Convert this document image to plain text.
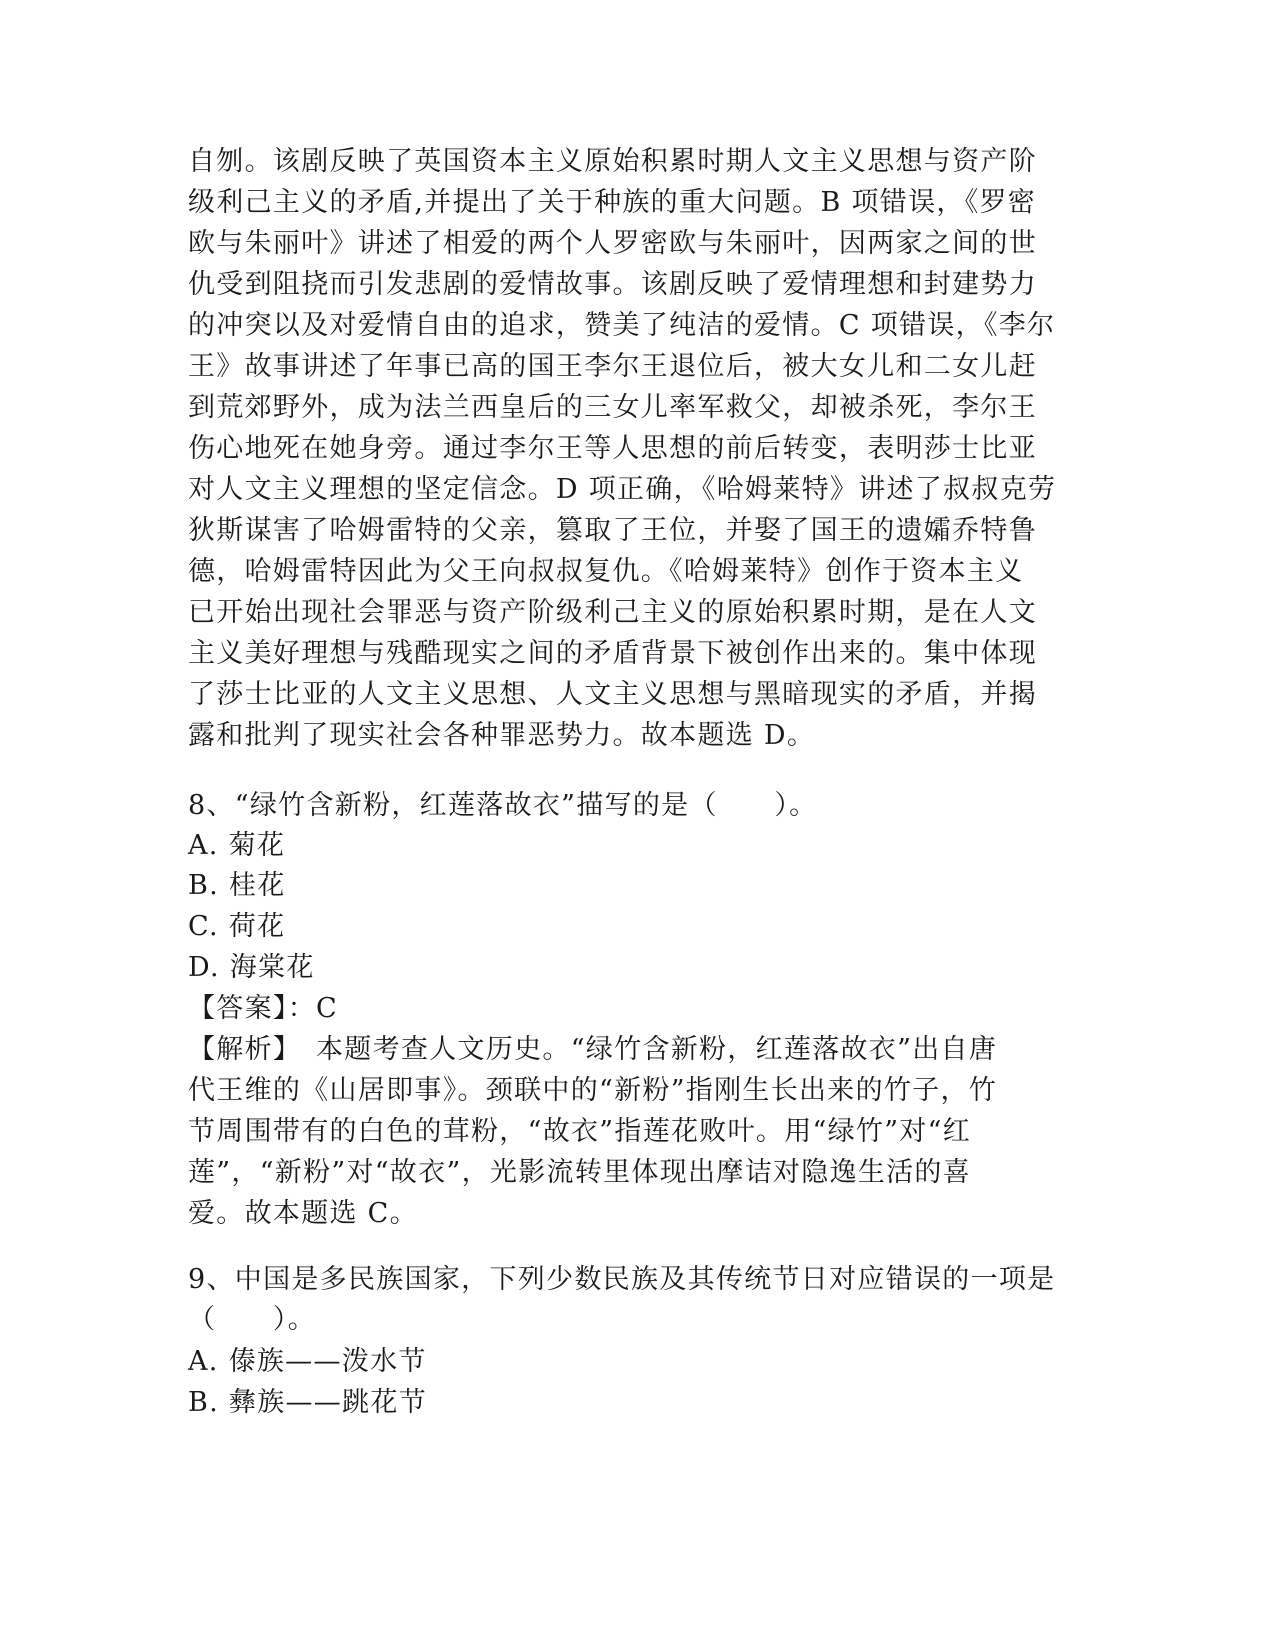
自刎。该剧反映了英国资本主义原始积累时期人文主义思想与资产阶
级利己主义的矛盾,并提出了关于种族的重大问题。B 项错误，《罗密
欧与朱丽叶》讲述了相爱的两个人罗密欧与朱丽叶，因两家之间的世
仇受到阻挠而引发悲剧的爱情故事。该剧反映了爱情理想和封建势力
的冲突以及对爱情自由的追求，赞美了纯洁的爱情。C 项错误，《李尔
王》故事讲述了年事已高的国王李尔王退位后，被大女儿和二女儿赶
到荒郊野外，成为法兰西皇后的三女儿率军救父，却被杀死，李尔王
伤心地死在她身旁。通过李尔王等人思想的前后转变，表明莎士比亚
对人文主义理想的坚定信念。D 项正确，《哈姆莱特》讲述了叔叔克劳
狄斯谋害了哈姆雷特的父亲，篡取了王位，并娶了国王的遗孀乔特鲁
德，哈姆雷特因此为父王向叔叔复仇。《哈姆莱特》创作于资本主义
已开始出现社会罪恶与资产阶级利己主义的原始积累时期，是在人文
主义美好理想与残酷现实之间的矛盾背景下被创作出来的。集中体现
了莎士比亚的人文主义思想、人文主义思想与黑暗现实的矛盾，并揭
露和批判了现实社会各种罪恶势力。故本题选 D。
8、“绿竹含新粉，红莲落故衣”描写的是（　　）。
A. 菊花
B. 桂花
C. 荷花
D. 海棠花
【答案】：C
【解析】　本题考查人文历史。“绿竹含新粉，红莲落故衣”出自唐
代王维的《山居即事》。颈联中的“新粉”指刚生长出来的竹子，竹
节周围带有的白色的茸粉，“故衣”指莲花败叶。用“绿竹”对“红
莲”，“新粉”对“故衣”，光影流转里体现出摩诘对隐逸生活的喜
爱。故本题选 C。
9、中国是多民族国家，下列少数民族及其传统节日对应错误的一项是
（　　）。
A. 傣族——泼水节
B. 彝族——跳花节
